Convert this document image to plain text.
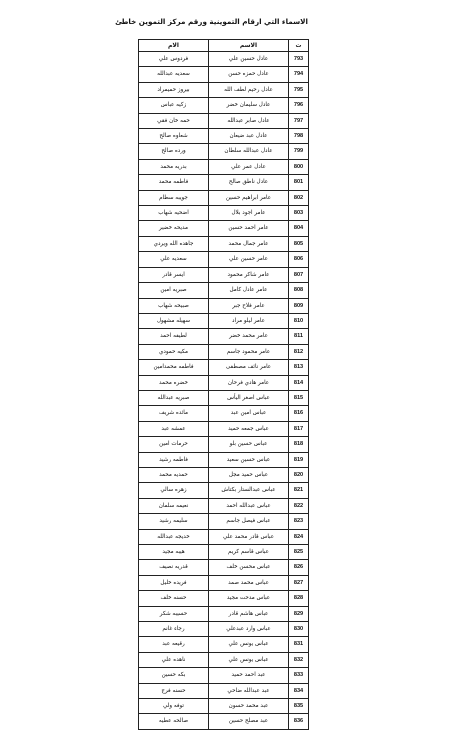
الاسماء التي ارقام التموينية ورقم مركز التموين خاطئ
ت	الاسم	الام
793	عادل حسين علي	فردوس علي
794	عادل حمزه حسن	سعديه عبدالله
795	عادل رحيم لطف الله	بيروز حميمراد
796	عادل سليمان خضر	زكيه عباس
797	عادل صابر عبدالله	حمه خان فقي
798	عادل عبد ضيعان	شعاوه صالح
799	عادل عبدالله سلطان	ورده صالح
800	عادل عمر علي	بدريه محمد
801	عادل ناطق صالح	فاطمه محمد
802	عامر ابراهيم حسين	جويبه سطام
803	عامر اجود بلال	اضحيه شهاب
804	عامر احمد حسين	مديحه خضير
805	عامر جمال محمد	جاهده الله ويردي
806	عامر حسين علي	سعديه علي
807	عامر شاكر محمود	ايسر قادر
808	عامر عادل كامل	صبريه امين
809	عامر فلاح جبر	صبيحه شهاب
810	عامر ليلو مراد	سهيله مشهول
811	عامر محمد خضر	لطيفه احمد
812	عامر محمود جاسم	مكيه حمودي
813	عامر نائف مصطفى	فاطمه محمدامين
814	عامر هادي فرحان	خضره محمد
815	عباس اصغر اليأس	صبريه عبدالله
816	عباس امين عبد	مائده شريف
817	عباس جمعه حميد	عمشه عبد
818	عباس حسين بلو	حرمات امين
819	عباس حسين سعيد	فاطمه رشيد
820	عباس حميد مجل	حمديه محمد
821	عباس عبدالستار بكتاش	زهره سالي
822	عباس عبدالله احمد	نعيمه سلمان
823	عباس فيصل جاسم	سليمه رشيد
824	عباس قادر محمد علي	خديجه عبدالله
825	عباس قاسم كريم	هيبه مجيد
826	عباس محسن خلف	قدريه نصيف
827	عباس محمد صمد	فريده خليل
828	عباس مدحت مجيد	حسنه خلف
829	عباس هاشم قادر	حسيبه شكر
830	عباس وارد عبدعلي	رجاء غانم
831	عباس يونس علي	رقيعه عبد
832	عباس يونس علي	ناهده علي
833	عبد احمد حميد	بكه حسين
834	عبد عبدالله ضاحي	حسنه فرج
835	عبد محمد حسون	توفه ولي
836	عبد مصلح حسين	صالحه عطيه
